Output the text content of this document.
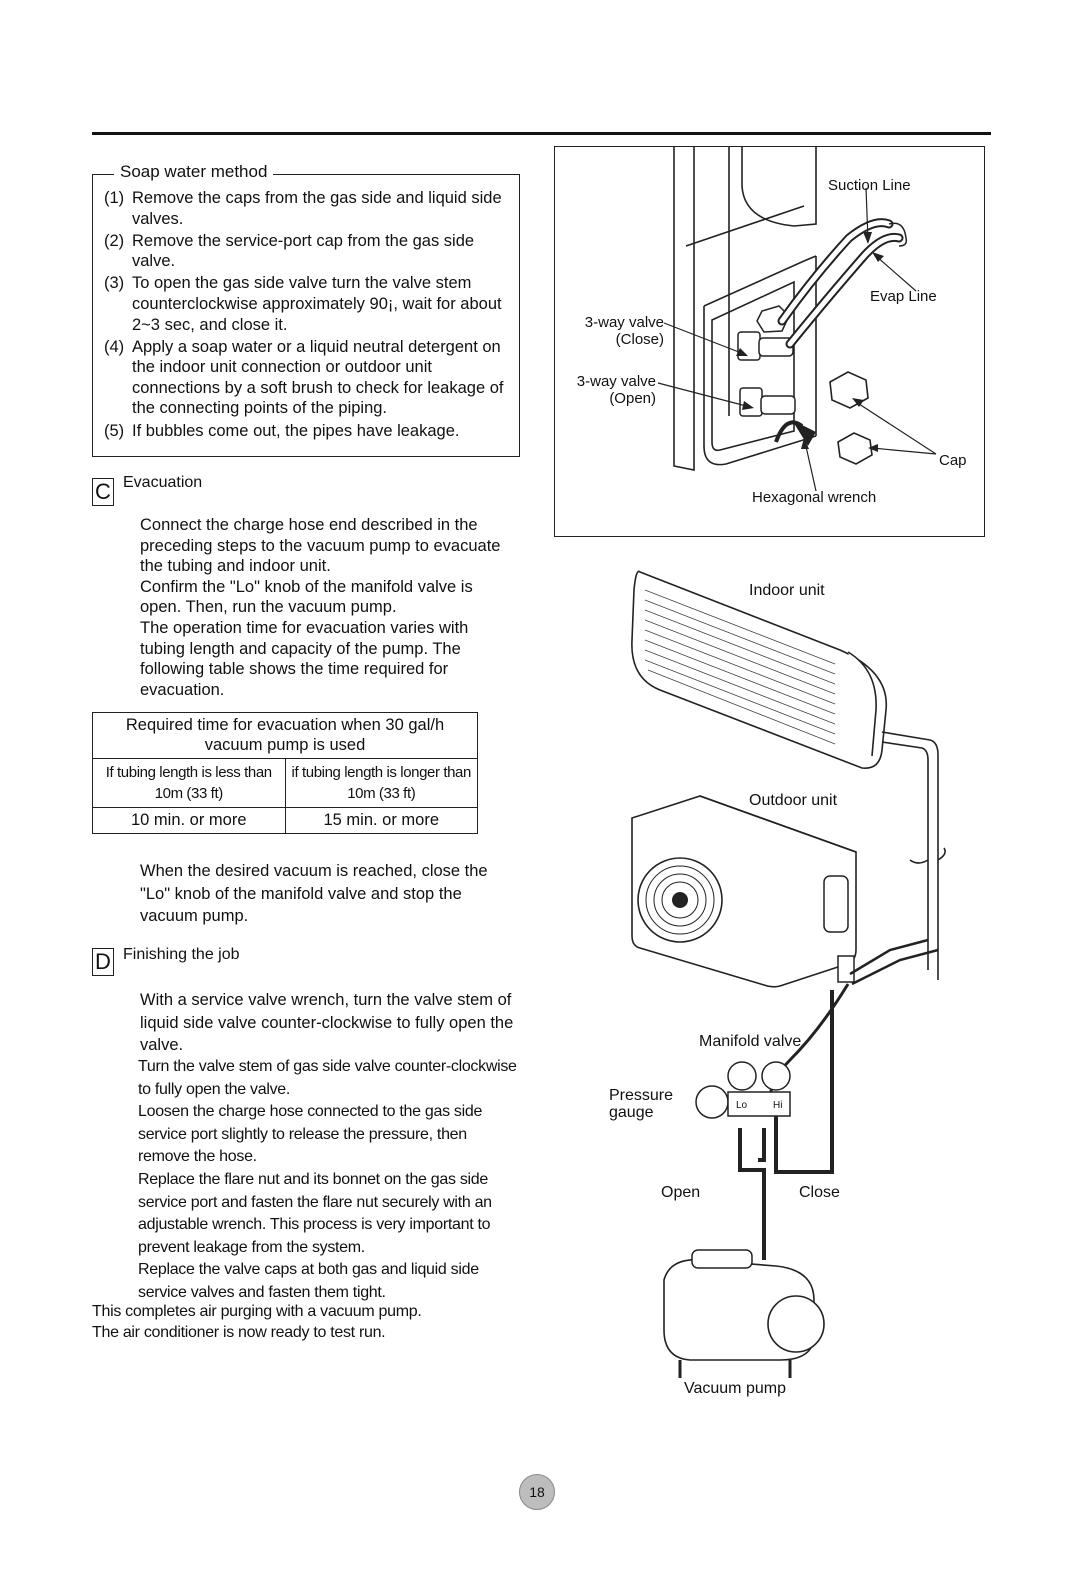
Soap water method
(1) Remove the caps from the gas side and liquid side valves.
(2) Remove the service-port cap from the gas side valve.
(3) To open the gas side valve turn the valve stem counterclockwise approximately 90¡, wait for about 2~3 sec, and close it.
(4) Apply a soap water or a liquid neutral detergent on the indoor unit connection or outdoor unit connections by a soft brush to check for leakage of the connecting points of the piping.
(5) If bubbles come out, the pipes have leakage.
C Evacuation

Connect the charge hose end described in the preceding steps to the vacuum pump to evacuate the tubing and indoor unit.

Confirm the "Lo" knob of the manifold valve is open. Then, run the vacuum pump.

The operation time for evacuation varies with tubing length and capacity of the pump. The following table shows the time required for evacuation.

Required time for evacuation when 30 gal/h vacuum pump is used	
If tubing length is less than 10m (33 ft)	if tubing length is longer than 10m (33 ft)
10 min. or more	15 min. or more
When the desired vacuum is reached, close the "Lo" knob of the manifold valve and stop the vacuum pump.
D Finishing the job
With a service valve wrench, turn the valve stem of liquid side valve counter-clockwise to fully open the valve.

Turn the valve stem of gas side valve counter-clockwise to fully open the valve.

Loosen the charge hose connected to the gas side service port slightly to release the pressure, then remove the hose.

Replace the flare nut and its bonnet on the gas side service port and fasten the flare nut securely with an adjustable wrench. This process is very important to prevent leakage from the system.

Replace the valve caps at both gas and liquid side service valves and fasten them tight.

This completes air purging with a vacuum pump.

The air conditioner is now ready to test run.

Suction Line
Evap Line
3-way valve
(Close)
3-way valve
(Open)
Cap
Hexagonal wrench
Indoor unit
Outdoor unit
Manifold valve
Pressure
gauge	Lo	Hi
Open	Close
Vacuum pump
18
